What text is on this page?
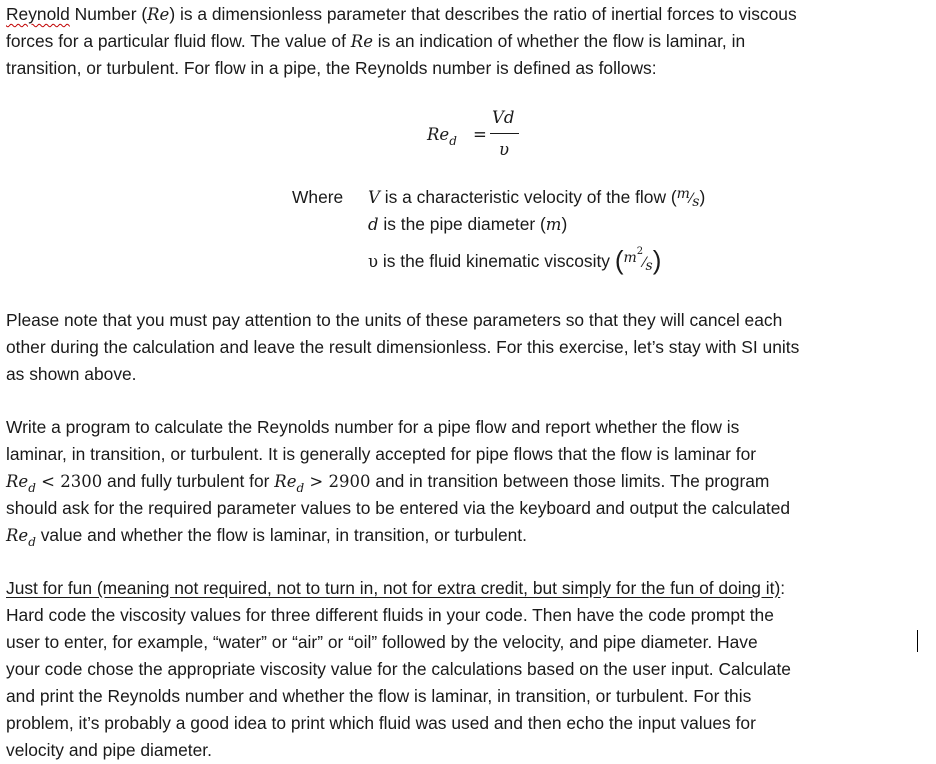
Reynold Number (Re) is a dimensionless parameter that describes the ratio of inertial forces to viscous
forces for a particular fluid flow. The value of Re is an indication of whether the flow is laminar, in
transition, or turbulent. For flow in a pipe, the Reynolds number is defined as follows:
$Re_d$ =
Vd
υ
Where V is a characteristic velocity of the flow ($^m$⁄s)
d is the pipe diameter (m)
υ is the fluid kinematic viscosity ($^{m2}$⁄s)
Please note that you must pay attention to the units of these parameters so that they will cancel each
other during the calculation and leave the result dimensionless. For this exercise, let’s stay with SI units
as shown above.
Write a program to calculate the Reynolds number for a pipe flow and report whether the flow is
laminar, in transition, or turbulent. It is generally accepted for pipe flows that the flow is laminar for
$Re_d < 2300$ and fully turbulent for $Re_d > 2900$ and in transition between those limits. The program
should ask for the required parameter values to be entered via the keyboard and output the calculated
$Re_d$ value and whether the flow is laminar, in transition, or turbulent.
Just for fun (meaning not required, not to turn in, not for extra credit, but simply for the fun of doing it):
Hard code the viscosity values for three different fluids in your code. Then have the code prompt the
user to enter, for example, “water” or “air” or “oil” followed by the velocity, and pipe diameter. Have
your code chose the appropriate viscosity value for the calculations based on the user input. Calculate
and print the Reynolds number and whether the flow is laminar, in transition, or turbulent. For this
problem, it’s probably a good idea to print which fluid was used and then echo the input values for
velocity and pipe diameter.
